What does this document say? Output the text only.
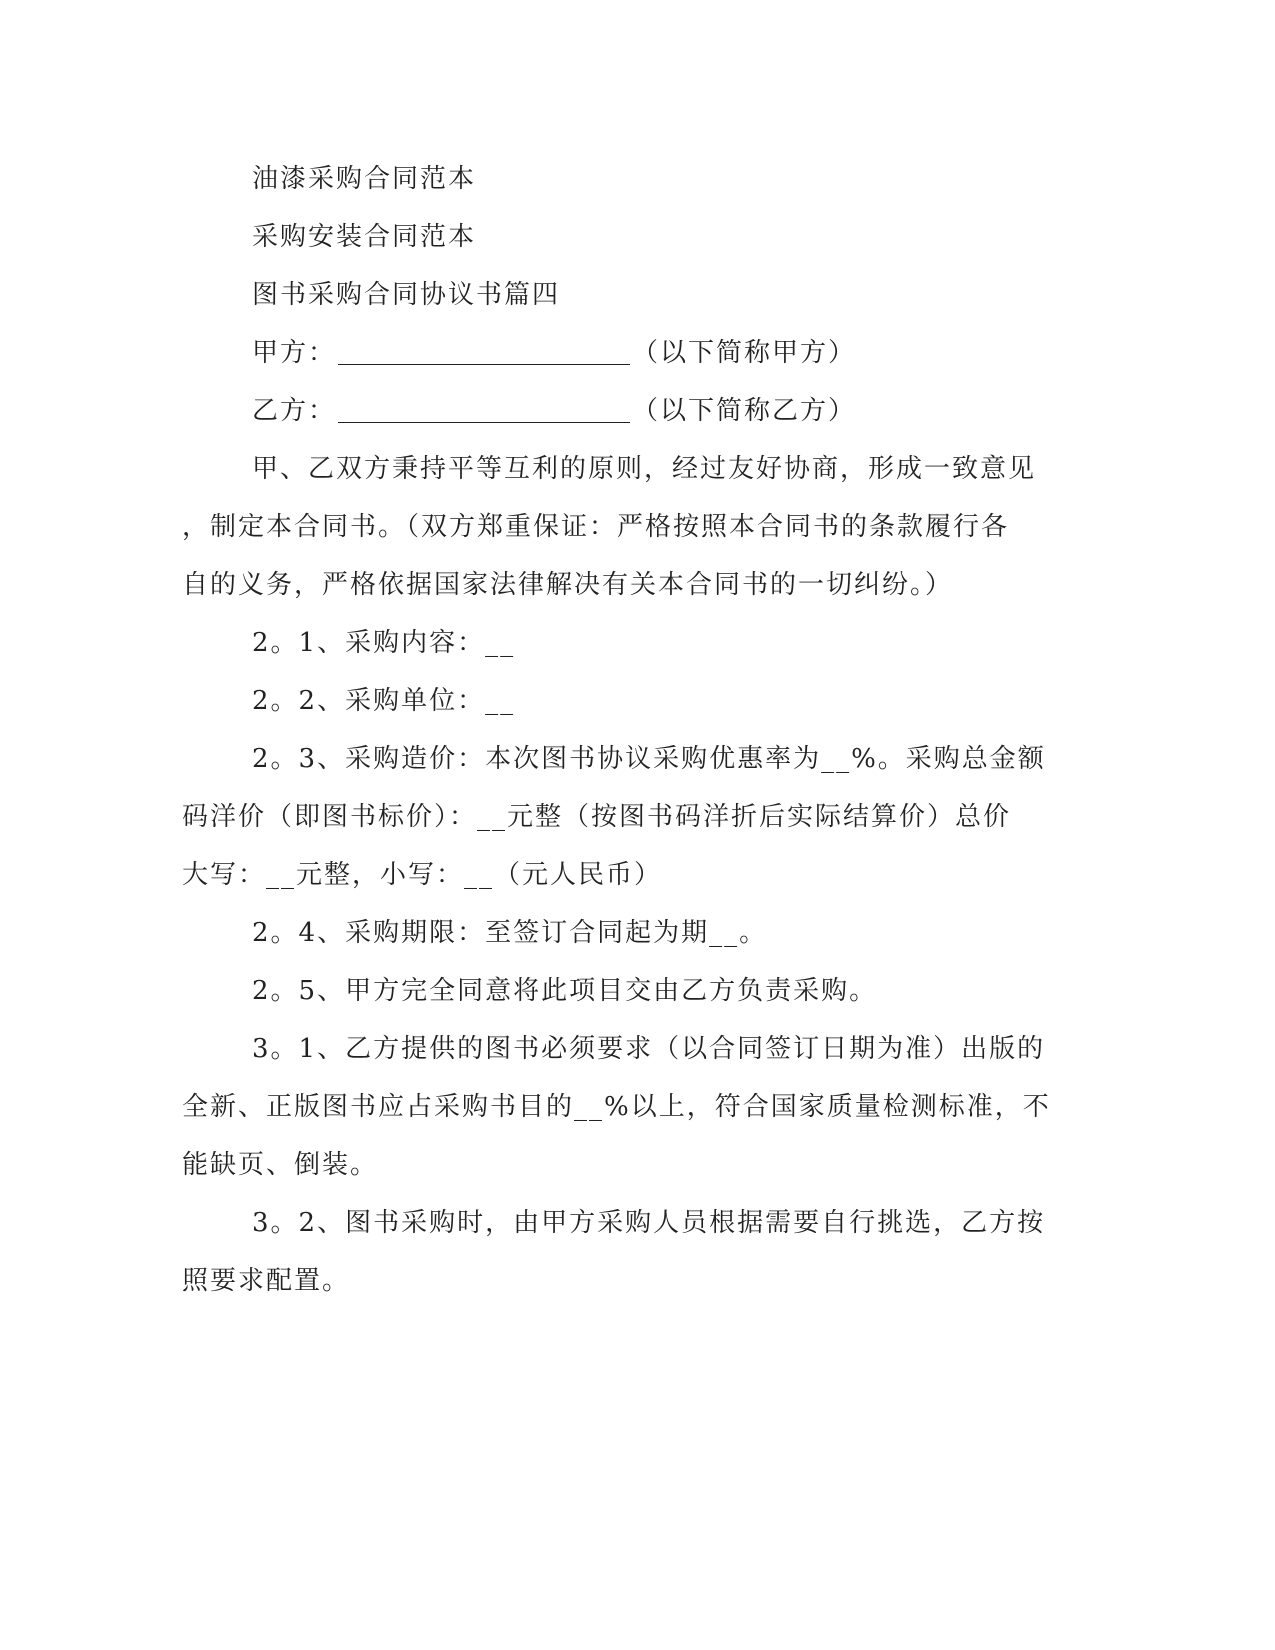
油漆采购合同范本
采购安装合同范本
图书采购合同协议书篇四
甲方：	（以下简称甲方）
乙方：	（以下简称乙方）
甲、乙双方秉持平等互利的原则，经过友好协商，形成一致意见
，制定本合同书。（双方郑重保证：严格按照本合同书的条款履行各
自的义务，严格依据国家法律解决有关本合同书的一切纠纷。）
2。1、采购内容：__
2。2、采购单位：__
2。3、采购造价：本次图书协议采购优惠率为__%。采购总金额
码洋价（即图书标价）：__元整（按图书码洋折后实际结算价）总价
大写：__元整，小写：__（元人民币）
2。4、采购期限：至签订合同起为期__。
2。5、甲方完全同意将此项目交由乙方负责采购。
3。1、乙方提供的图书必须要求（以合同签订日期为准）出版的
全新、正版图书应占采购书目的__%以上，符合国家质量检测标准，不
能缺页、倒装。
3。2、图书采购时，由甲方采购人员根据需要自行挑选，乙方按
照要求配置。
